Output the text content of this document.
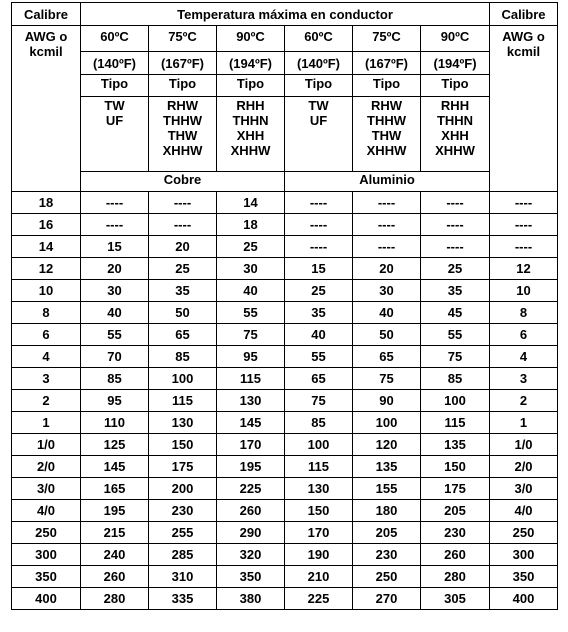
Calibre	Temperatura máxima en conductor						Calibre

AWG o
kcmil	60ºC	75ºC	90ºC	60ºC	75ºC	90ºC	AWG o
kcmil

	(140ºF)	(167ºF)	(194ºF)	(140ºF)	(167ºF)	(194ºF)	
	Tipo	Tipo	Tipo	Tipo	Tipo	Tipo	

	TW
UF	RHW
THHW
THW
XHHW	RHH
THHN
XHH
XHHW	TW
UF	RHW
THHW
THW
XHHW	RHH
THHN
XHH
XHHW	

	Cobre			Aluminio			
18	----	----	14	----	----	----	----
16	----	----	18	----	----	----	----
14	15	20	25	----	----	----	----
12	20	25	30	15	20	25	12
10	30	35	40	25	30	35	10
8	40	50	55	35	40	45	8
6	55	65	75	40	50	55	6
4	70	85	95	55	65	75	4
3	85	100	115	65	75	85	3
2	95	115	130	75	90	100	2
1	110	130	145	85	100	115	1
1/0	125	150	170	100	120	135	1/0
2/0	145	175	195	115	135	150	2/0
3/0	165	200	225	130	155	175	3/0
4/0	195	230	260	150	180	205	4/0
250	215	255	290	170	205	230	250
300	240	285	320	190	230	260	300
350	260	310	350	210	250	280	350
400	280	335	380	225	270	305	400
